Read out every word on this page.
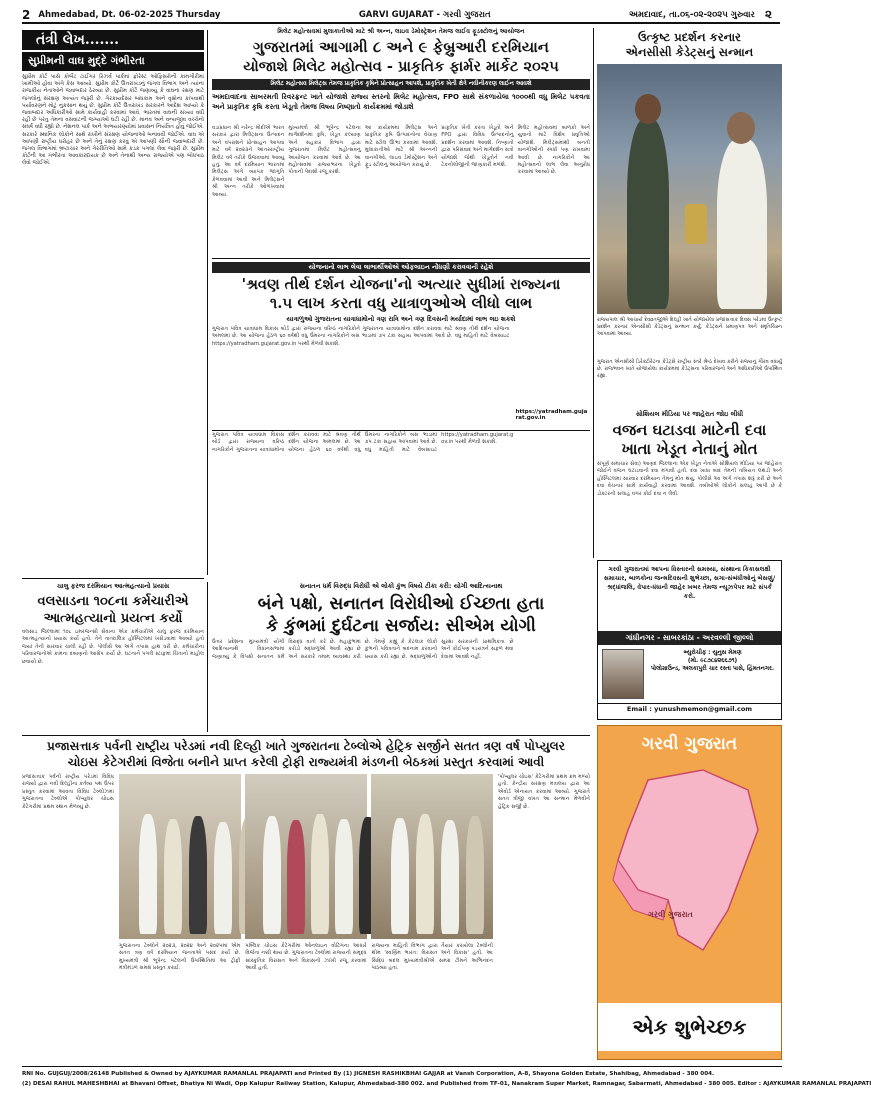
2 Ahmedabad, Dt. 06-02-2025 Thursday	GARVI GUJARAT - ગરવી ગુજરાત	અમદાવાદ, તા.૦૬-૦૨-૨૦૨૫ ગુરુવાર ૨
તંત્રી લેખ.......
સુપ્રીમની વાઘ મુદ્દે ગંભીરતા
સુપ્રીમ કોર્ટ પાસે કોર્બેટ ટાઈગર રિઝર્વ પાર્કમાં ફોરેસ્ટ ઓફિસરોની કામગીરીમાં ખામીઓ હોવા અંગે કેસ આવ્યો. સુપ્રીમ કોર્ટે ઉત્તરાખંડનું જંગલ વિભાગ અને ત્યાંના રાજકીય નેતાઓને જવાબદાર ઠેરવ્યા છે. સુપ્રીમ કોર્ટે જણાવ્યું કે વાઘના રક્ષણ માટે જંગલોનું સંરક્ષણ અત્યંત જરૂરી છે. ગેરકાયદેસર બાંધકામ અને વૃક્ષોના કાપવાથી પર્યાવરણને મોટું નુકસાન થયું છે. સુપ્રીમ કોર્ટે ઉત્તરાખંડ સરકારને આદેશ આપ્યો કે જવાબદાર અધિકારીઓ સામે કાર્યવાહી કરવામાં આવે. ભારતમાં વાઘની સંખ્યા વધી રહી છે પરંતુ તેમના વસવાટની જગ્યાઓ ઘટી રહી છે. માનવ અને વન્યજીવ વચ્ચેનો સંઘર્ષ વધી રહ્યો છે. નેશનલ પાર્ક અને અભયારણ્યોમાં પ્રવાસન નિયંત્રિત હોવું જોઈએ. સરકારે સ્થાનિક લોકોને સાથે રાખીને સંરક્ષણ યોજનાઓ બનાવવી જોઈએ. વાઘ એ આપણી રાષ્ટ્રીય ધરોહર છે અને તેનું રક્ષણ કરવું એ આપણી સૌની જવાબદારી છે. જંગલ વિભાગમાં ભ્રષ્ટાચાર અને ગેરરીતિઓ સામે કડક પગલાં લેવા જરૂરી છે. સુપ્રીમ કોર્ટની આ ગંભીરતા આવકારદાયક છે અને તેનાથી અન્ય રાજ્યોએ પણ બોધપાઠ લેવો જોઈએ.
મિલેટ મહોત્સવમાં મુલાકાતીઓ માટે શ્રી અન્ન, લાઇવ ડેમોસ્ટ્રેશન તેમજ લાઈવ ફૂડસ્ટોલનું આયોજન
ગુજરાતમાં આગામી ૮ અને ૯ ફેબ્રુઆરી દરમિયાન
યોજાશે મિલેટ મહોત્સવ - પ્રાકૃતિક ફાર્મર માર્કેટ ૨૦૨૫
મિલેટ મહોત્સવ મિલેટ્સ તેમજ પ્રાકૃતિક કૃષિને પ્રોત્સાહન આપશે, પ્રાકૃતિક ખેતી ક્ષેત્રે નવીનીકરણ લાઈન આવશે
અમદાવાદના સાબરમતી રિવરફ્રન્ટ ખાતે યોજાશે રાજ્ય સ્તરનો મિલેટ મહોત્સવ, FPO સાથે સંકળાયેલા ૧૦૦૦થી વધુ મિલેટ પકવતા અને પ્રાકૃતિક કૃષિ કરતા ખેડૂતો તેમજ વિષય નિષ્ણાતો કાર્યક્રમમાં જોડાશે
વડાપ્રધાન શ્રી નરેન્દ્ર મોદીએ ભારત સરકાર દ્વારા મિલેટ્સના ઉત્પાદન અને વપરાશને પ્રોત્સાહન આપવા માટે વર્ષ ૨૦૨૩ને આંતરરાષ્ટ્રીય મિલેટ વર્ષ તરીકે ઉજવવામાં આવ્યું હતું. આ વર્ષ દરમિયાન ભારતમાં મિલેટ્સ અંગે વ્યાપક જાગૃતિ કેળવવામાં આવી અને મિલેટ્સને શ્રી અન્ન તરીકે ઓળખવામાં આવ્યા.
મુખ્યમંત્રી શ્રી ભૂપેન્દ્ર પટેલના માર્ગદર્શનમાં કૃષિ, ખેડૂત કલ્યાણ અને સહકાર વિભાગ દ્વારા ગુજરાતમાં મિલેટ મહોત્સવનું આયોજન કરવામાં આવે છે. આ મહોત્સવમાં રાજ્યભરના ખેડૂતો પોતાની પેદાશો રજૂ કરશે.
આ કાર્યક્રમમાં મિલેટ્સ અને પ્રાકૃતિક કૃષિ ઉત્પાદનોના વેચાણ માટે સ્ટોલ ઊભા કરવામાં આવશે. મુલાકાતીઓ માટે શ્રી અન્નની વાનગીઓ, લાઇવ ડેમોસ્ટ્રેશન અને ફૂડ સ્ટોલનું આયોજન કરાયું છે.
પ્રાકૃતિક ખેતી કરતા ખેડૂતો અને FPO દ્વારા વિવિધ ઉત્પાદનોનું પ્રદર્શન કરવામાં આવશે. નિષ્ણાતો દ્વારા પરિસંવાદ અને માર્ગદર્શન સત્રો યોજાશે જેથી ખેડૂતોને નવી ટેકનોલોજીની જાણકારી મળશે.
મિલેટ મહોત્સવમાં બાળકો અને યુવાનો માટે વિશેષ પ્રવૃત્તિઓ યોજાશે. મિલેટ્સમાંથી બનતી વાનગીઓની સ્પર્ધા પણ રાખવામાં આવી છે. નાગરિકોને આ મહોત્સવનો લાભ લેવા અનુરોધ કરવામાં આવ્યો છે.
ઉત્કૃષ્ટ પ્રદર્શન કરનાર
એનસીસી કેડેટ્સનું સન્માન
રાજ્યપાલ શ્રી આચાર્ય દેવવ્રતજીએ દિલ્હી ખાતે યોજાયેલા પ્રજાસત્તાક દિવસ પરેડમાં ઉત્કૃષ્ટ પ્રદર્શન કરનાર એનસીસી કેડેટ્સનું સન્માન કર્યું. કેડેટ્સને પ્રમાણપત્ર અને સ્મૃતિચિહ્ન આપવામાં આવ્યા.
ગુજરાત એનસીસી ડિરેક્ટોરેટના કેડેટ્સે રાષ્ટ્રીય સ્તરે શ્રેષ્ઠ દેખાવ કરીને રાજ્યનું ગૌરવ વધાર્યું છે. રાજભવન ખાતે યોજાયેલા કાર્યક્રમમાં કેડેટ્સના પરિવારજનો અને અધિકારીઓ ઉપસ્થિત રહ્યા.
સોશિયલ મીડિયા પર જાહેરાત જોઇ લીધી
વજન ઘટાડવા માટેની દવા
ખાતા ખેડૂત નેતાનું મોત
સંપૂર્ણ સમાચાર સેવા) આણંદ જિલ્લાના એક ખેડૂત નેતાએ સોશિયલ મીડિયા પર જાહેરાત જોઈને વજન ઘટાડવાની દવા મંગાવી હતી. દવા ખાધા બાદ તેમની તબિયત લથડી અને હોસ્પિટલમાં સારવાર દરમિયાન તેમનું મોત થયું. પોલીસે આ અંગે તપાસ શરૂ કરી છે અને દવા વેચનાર સામે કાર્યવાહી કરવામાં આવશે. તબીબોએ લોકોને સલાહ આપી છે કે ડોક્ટરની સલાહ વગર કોઈ દવા ન લેવી.
યોજનાનો લાભ લેવા લાભાર્થીઓએ ઓફલાઇન નોંધણી કરાવવાની રહેશે
'શ્રવણ તીર્થ દર્શન યોજના'નો અત્યાર સુધીમાં રાજ્યના
૧.૫ લાખ કરતા વધુ યાત્રાળુઓએ લીધો લાભ
યાત્રાળુઓ ગુજરાતના યાત્રાધામોનો ત્રણ રાત્રિ અને ત્રણ દિવસની મર્યાદામાં લાભ લઇ શકશે
ગુજરાત પવિત્ર યાત્રાધામ વિકાસ બોર્ડ દ્વારા રાજ્યના વરિષ્ઠ નાગરિકોને ગુજરાતના યાત્રાધામોના દર્શન કરાવવા માટે શ્રવણ તીર્થ દર્શન યોજના અમલમાં છે. આ યોજના હેઠળ ૬૦ વર્ષથી વધુ ઉંમરના નાગરિકોને બસ ભાડામાં ૭૫ ટકા સહાય આપવામાં આવે છે. વધુ માહિતી માટે વેબસાઇટ https://yatradham.gujarat.gov.in પરથી મેળવી શકાશે.
https://yatradham.gujarat.gov.in
ચાલુ ફરજ દરમિયાન આત્મહત્યાનો પ્રયાસ
વલસાડના ૧૦૮ના કર્મચારીએ
આત્મહત્યાનો પ્રયત્ન કર્યો
વલસાડ જિલ્લામાં ૧૦૮ ઇમરજન્સી સેવાના એક કર્મચારીએ ચાલુ ફરજ દરમિયાન આત્મહત્યાનો પ્રયાસ કર્યો હતો. તેને તાત્કાલિક હોસ્પિટલમાં ખસેડવામાં આવ્યો હતો જ્યાં તેની સારવાર ચાલી રહી છે. પોલીસે આ અંગે તપાસ હાથ ધરી છે. કર્મચારીના પરિવારજનોએ કામના દબાણનો આક્ષેપ કર્યો છે. ઘટનાને પગલે સ્ટાફમાં ચિંતાનો માહોલ છવાયો છે.
સનાતન ધર્મ વિરુદ્ધ વિરોધી એ લોકો કુંભ વિષયે ટીકા કરી: યોગી આદિત્યનાથ
બંને પક્ષો, સનાતન વિરોધીઓ ઈચ્છતા હતા
કે કુંભમાં દુર્ઘટના સર્જાય: સીએમ યોગી
ઉત્તર પ્રદેશના મુખ્યમંત્રી યોગી આદિત્યનાથે વિધાનસભામાં જણાવ્યું કે વિપક્ષો સનાતન ધર્મ વિરુદ્ધ વાતો કરે છે. મહાકુંભમાં કરોડો શ્રદ્ધાળુઓ આવી રહ્યા છે અને સરકારે તમામ વ્યવસ્થા કરી છે. તેમણે કહ્યું કે કેટલાક લોકો કુંભની પવિત્રતાને બદનામ કરવાનો પ્રયાસ કરી રહ્યા છે. શ્રદ્ધાળુઓની સુરક્ષા સરકારની પ્રાથમિકતા છે અને કોઈપણ ષડયંત્રને સફળ થવા દેવામાં આવશે નહીં.
ગુજરાત પવિત્ર યાત્રાધામ વિકાસ બોર્ડ દ્વારા રાજ્યના વરિષ્ઠ નાગરિકોને ગુજરાતના યાત્રાધામોના દર્શન કરાવવા માટે શ્રવણ તીર્થ દર્શન યોજના અમલમાં છે. આ યોજના હેઠળ ૬૦ વર્ષથી વધુ ઉંમરના નાગરિકોને બસ ભાડામાં ૭૫ ટકા સહાય આપવામાં આવે છે. વધુ માહિતી માટે વેબસાઇટ https://yatradham.gujarat.gov.in પરથી મેળવી શકાશે.
ગરવી ગુજરાતમાં આપના વિસ્તારની સમસ્યા, સંસ્થાના કિકાસલક્ષી સમાચાર, બાળકોના જન્મદિવસની શુભેચ્છા, સગા-સંબંધીઓનું બેસણું/શ્રદ્ધાંજલિ, વેપાર-ધંધાની જાહેર ખબર તેમજ ન્યૂઝપેપર માટે સંપર્ક કરો.
ગાંધીનગર - સાબરકાંઠા - અરવલ્લી જીલ્લો
બ્યુરોચીફ : યુનુસ મેમણ
(મો. ૯૮૭૮૪૨૬૬૭૧)
પોલોગ્રાઉન્ડ, અલકાપુરી ચાર રસ્તા પાસે, હિંમતનગર.
Email : yunushmemon@gmail.com
ગરવી ગુજરાત
ગરવી ગુજરાત
એક શુભેચ્છક
પ્રજાસત્તાક પર્વની રાષ્ટ્રીય પરેડમાં નવી દિલ્હી ખાતે ગુજરાતના ટેબ્લોએ હેટ્રિક સર્જીને સતત ત્રણ વર્ષ પોપ્યુલર
ચોઇસ કેટેગરીમાં વિજેતા બનીને પ્રાપ્ત કરેલી ટ્રોફી રાજ્યમંત્રી મંડળની બેઠકમાં પ્રસ્તુત કરવામાં આવી
પ્રજાસત્તાક પર્વની રાષ્ટ્રીય પરેડમાં વિવિધ રાજ્યો દ્વારા નવી દિલ્હીના કર્તવ્ય પથ ઉપર પ્રસ્તુત કરવામાં આવતા વિવિધ ટેબ્લોઝમાં ગુજરાતના ટેબ્લોએ પોપ્યુલર ચોઇસ કેટેગરીમાં પ્રથમ સ્થાન મેળવ્યું છે.
ગુજરાતના ટેબ્લોને ૨૦૨૩, ૨૦૨૪ અને ૨૦૨૫માં એમ સતત ત્રણ વર્ષ દરમિયાન જનતાએ પસંદ કર્યો છે. મુખ્યમંત્રી શ્રી ભૂપેન્દ્ર પટેલની ઉપસ્થિતિમાં આ ટ્રોફી મંત્રીમંડળ સમક્ષ પ્રસ્તુત કરાઈ.
પબ્લિક ચોઇસ કેટેગરીમાં ઓનલાઇન વોટિંગના આધારે વિજેતા નક્કી થાય છે. ગુજરાતના ટેબ્લોમાં રાજ્યની સમૃદ્ધ સાંસ્કૃતિક વિરાસત અને વિકાસની ઝાંખી રજૂ કરવામાં આવી હતી.
રાજ્યના માહિતી વિભાગ દ્વારા તૈયાર કરાયેલા ટેબ્લોની થીમ 'સ્વર્ણિમ ભારત: વિરાસત અને વિકાસ' હતી. આ સિદ્ધિ બદલ મુખ્યમંત્રીશ્રીએ સમગ્ર ટીમને અભિનંદન પાઠવ્યા હતા.
'પોપ્યુલર ચોઇસ' કેટેગરીમાં પ્રથમ ક્રમ મળ્યો હતો. કેન્દ્રીય સંરક્ષણ મંત્રાલય દ્વારા આ એવોર્ડ એનાયત કરવામાં આવ્યો. ગુજરાતે સતત ત્રીજી વખત આ સન્માન મેળવીને હેટ્રિક સર્જી છે.
RNI No. GUJGUJ/2008/26148 Published & Owned by AJAYKUMAR RAMANLAL PRAJAPATI and Printed By (1) JIGNESH RASHIKBHAI GAJJAR at Vansh Corporation, A-8, Shayona Golden Estate, Shahibag, Ahmedabad - 380 004.
(2) DESAI RAHUL MAHESHBHAI at Bhavani Offset, Bhatiya Ni Wadi, Opp Kalupur Railway Station, Kalupur, Ahmedabad-380 002. and Published from TF-01, Nanakram Super Market, Ramnagar, Sabarmati, Ahmedabad - 380 005. Editor : AJAYKUMAR RAMANLAL PRAJAPATI
